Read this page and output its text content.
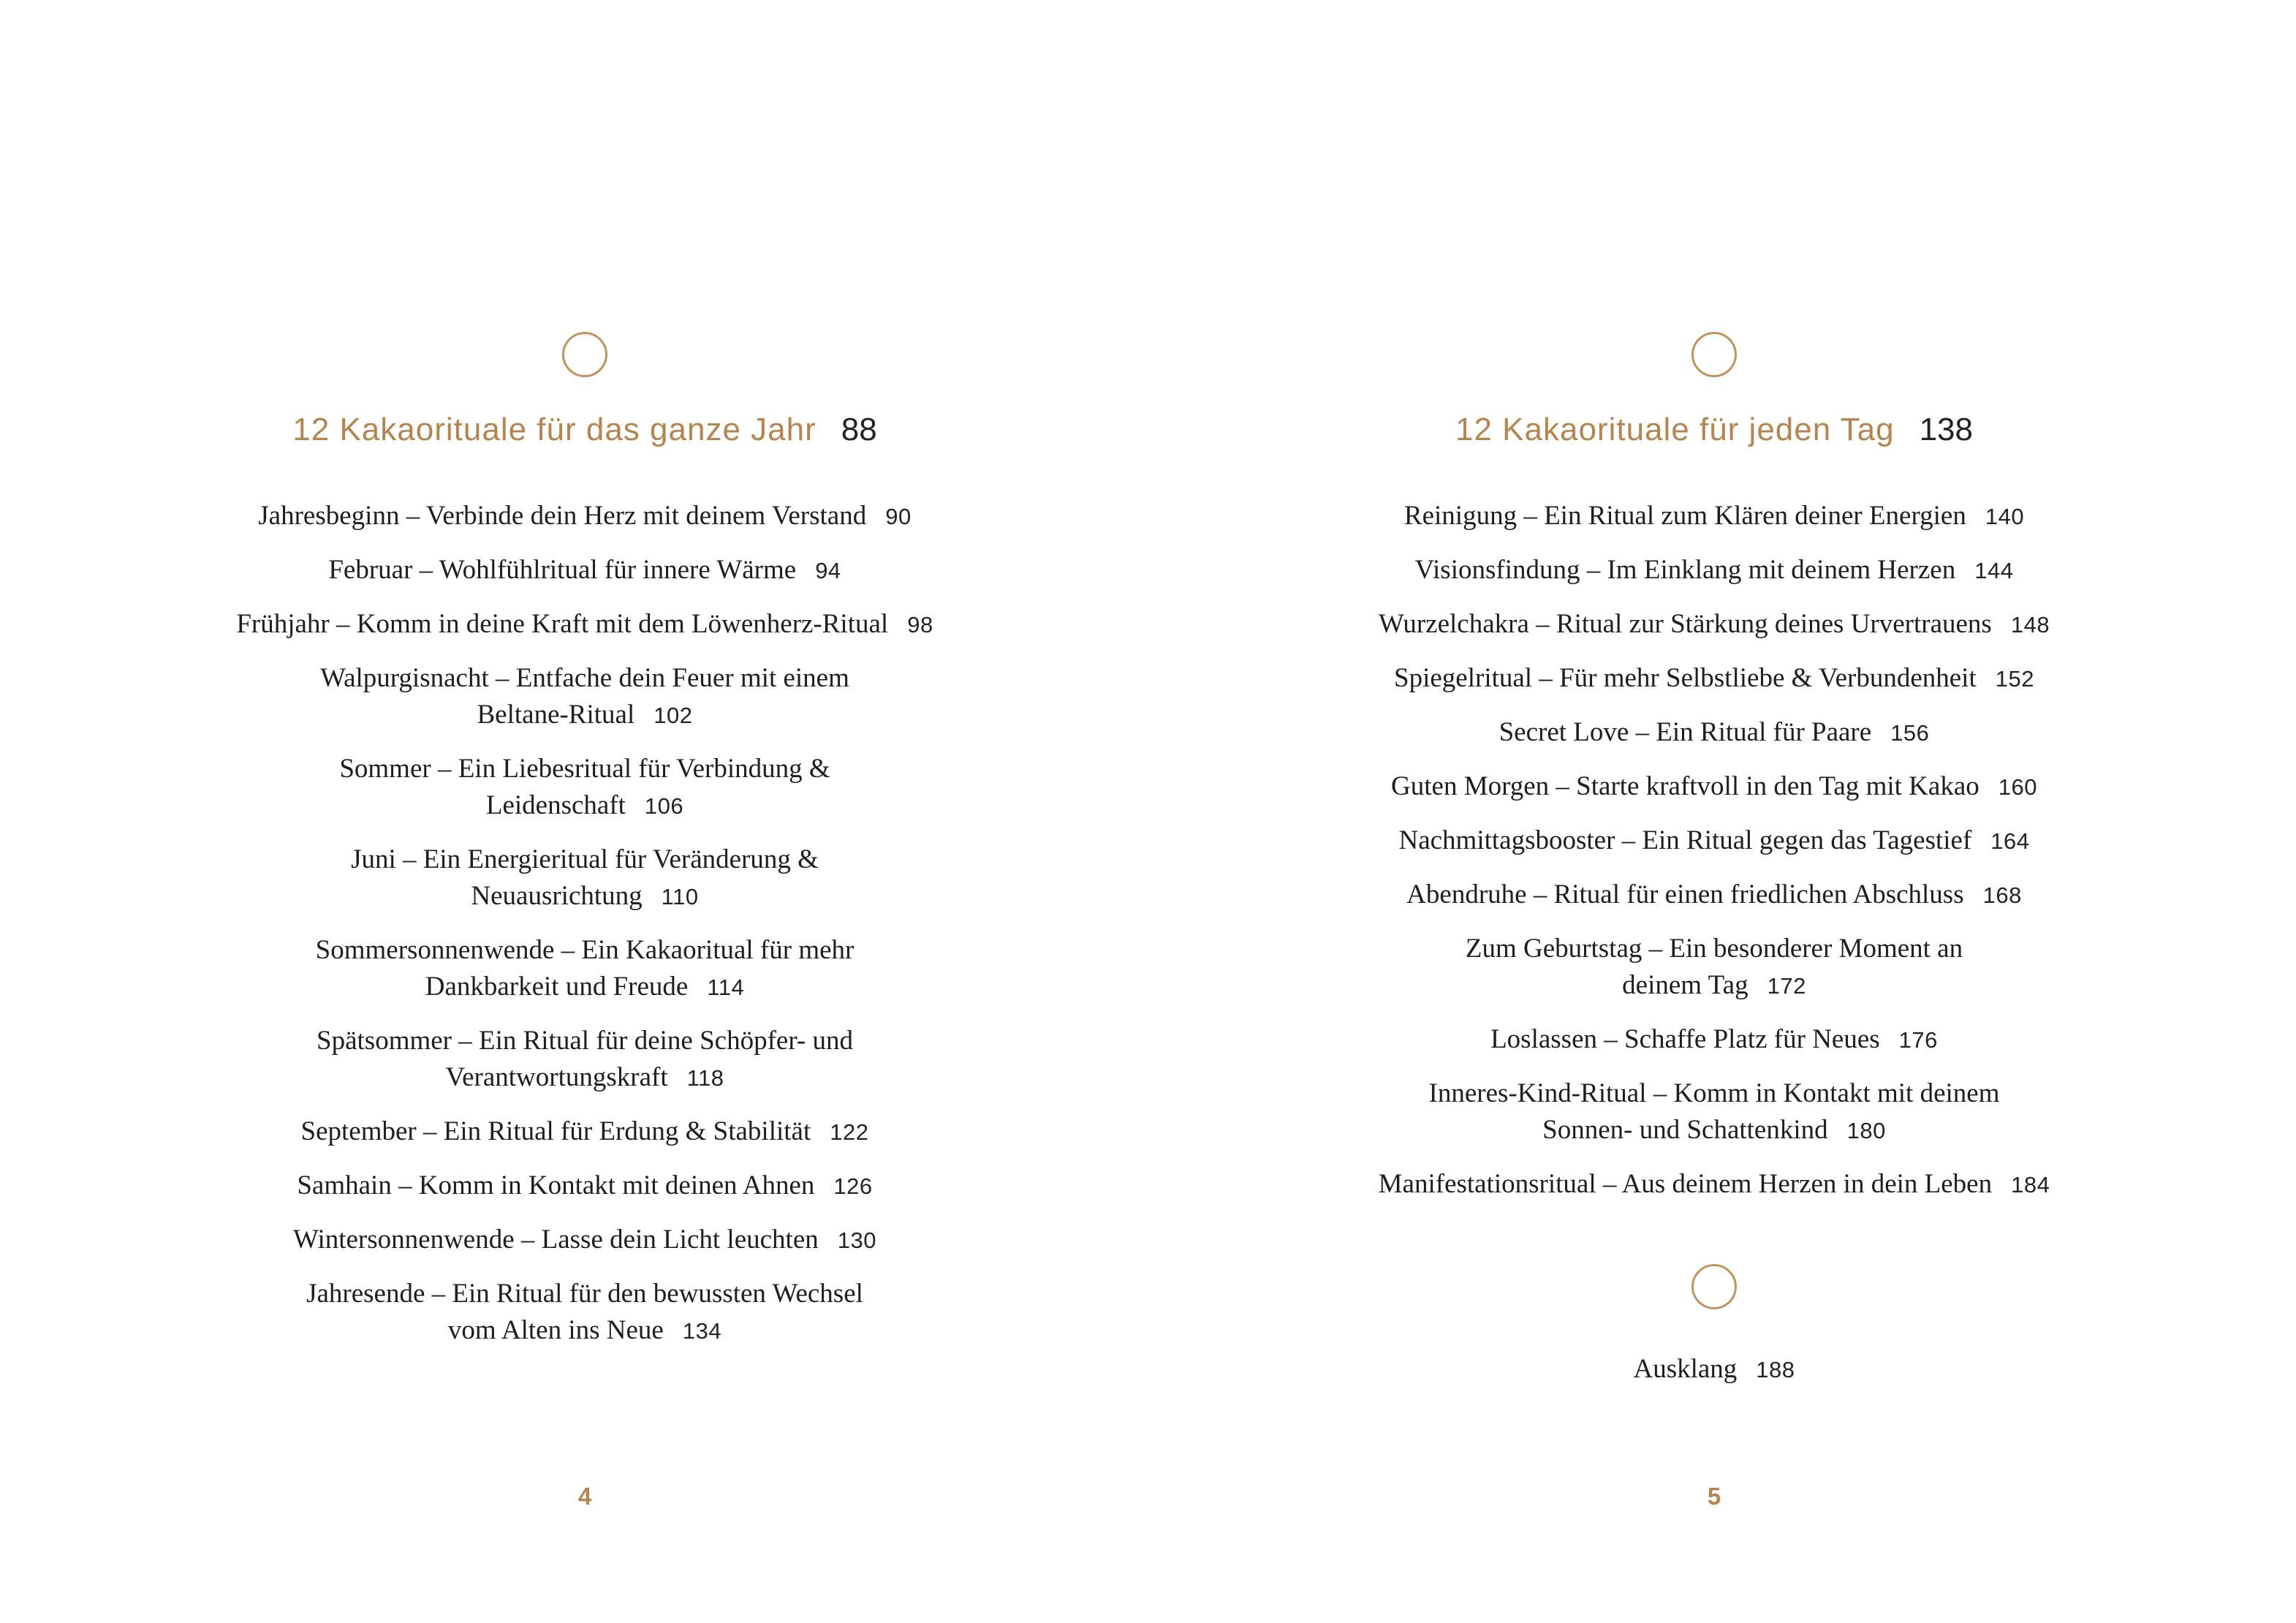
12 Kakaorituale für das ganze Jahr 88

Jahresbeginn – Verbinde dein Herz mit deinem Verstand 90

Februar – Wohlfühlritual für innere Wärme 94

Frühjahr – Komm in deine Kraft mit dem Löwenherz-Ritual 98

Walpurgisnacht – Entfache dein Feuer mit einem
Beltane-Ritual 102

Sommer – Ein Liebesritual für Verbindung &
Leidenschaft 106

Juni – Ein Energieritual für Veränderung &
Neuausrichtung 110

Sommersonnenwende – Ein Kakaoritual für mehr
Dankbarkeit und Freude 114

Spätsommer – Ein Ritual für deine Schöpfer- und
Verantwortungskraft 118

September – Ein Ritual für Erdung & Stabilität 122

Samhain – Komm in Kontakt mit deinen Ahnen 126

Wintersonnenwende – Lasse dein Licht leuchten 130

Jahresende – Ein Ritual für den bewussten Wechsel
vom Alten ins Neue 134

4
12 Kakaorituale für jeden Tag 138

Reinigung – Ein Ritual zum Klären deiner Energien 140

Visionsfindung – Im Einklang mit deinem Herzen 144

Wurzelchakra – Ritual zur Stärkung deines Urvertrauens 148

Spiegelritual – Für mehr Selbstliebe & Verbundenheit 152

Secret Love – Ein Ritual für Paare 156

Guten Morgen – Starte kraftvoll in den Tag mit Kakao 160

Nachmittagsbooster – Ein Ritual gegen das Tagestief 164

Abendruhe – Ritual für einen friedlichen Abschluss 168

Zum Geburtstag – Ein besonderer Moment an
deinem Tag 172

Loslassen – Schaffe Platz für Neues 176

Inneres-Kind-Ritual – Komm in Kontakt mit deinem
Sonnen- und Schattenkind 180

Manifestationsritual – Aus deinem Herzen in dein Leben 184

Ausklang 188

5
